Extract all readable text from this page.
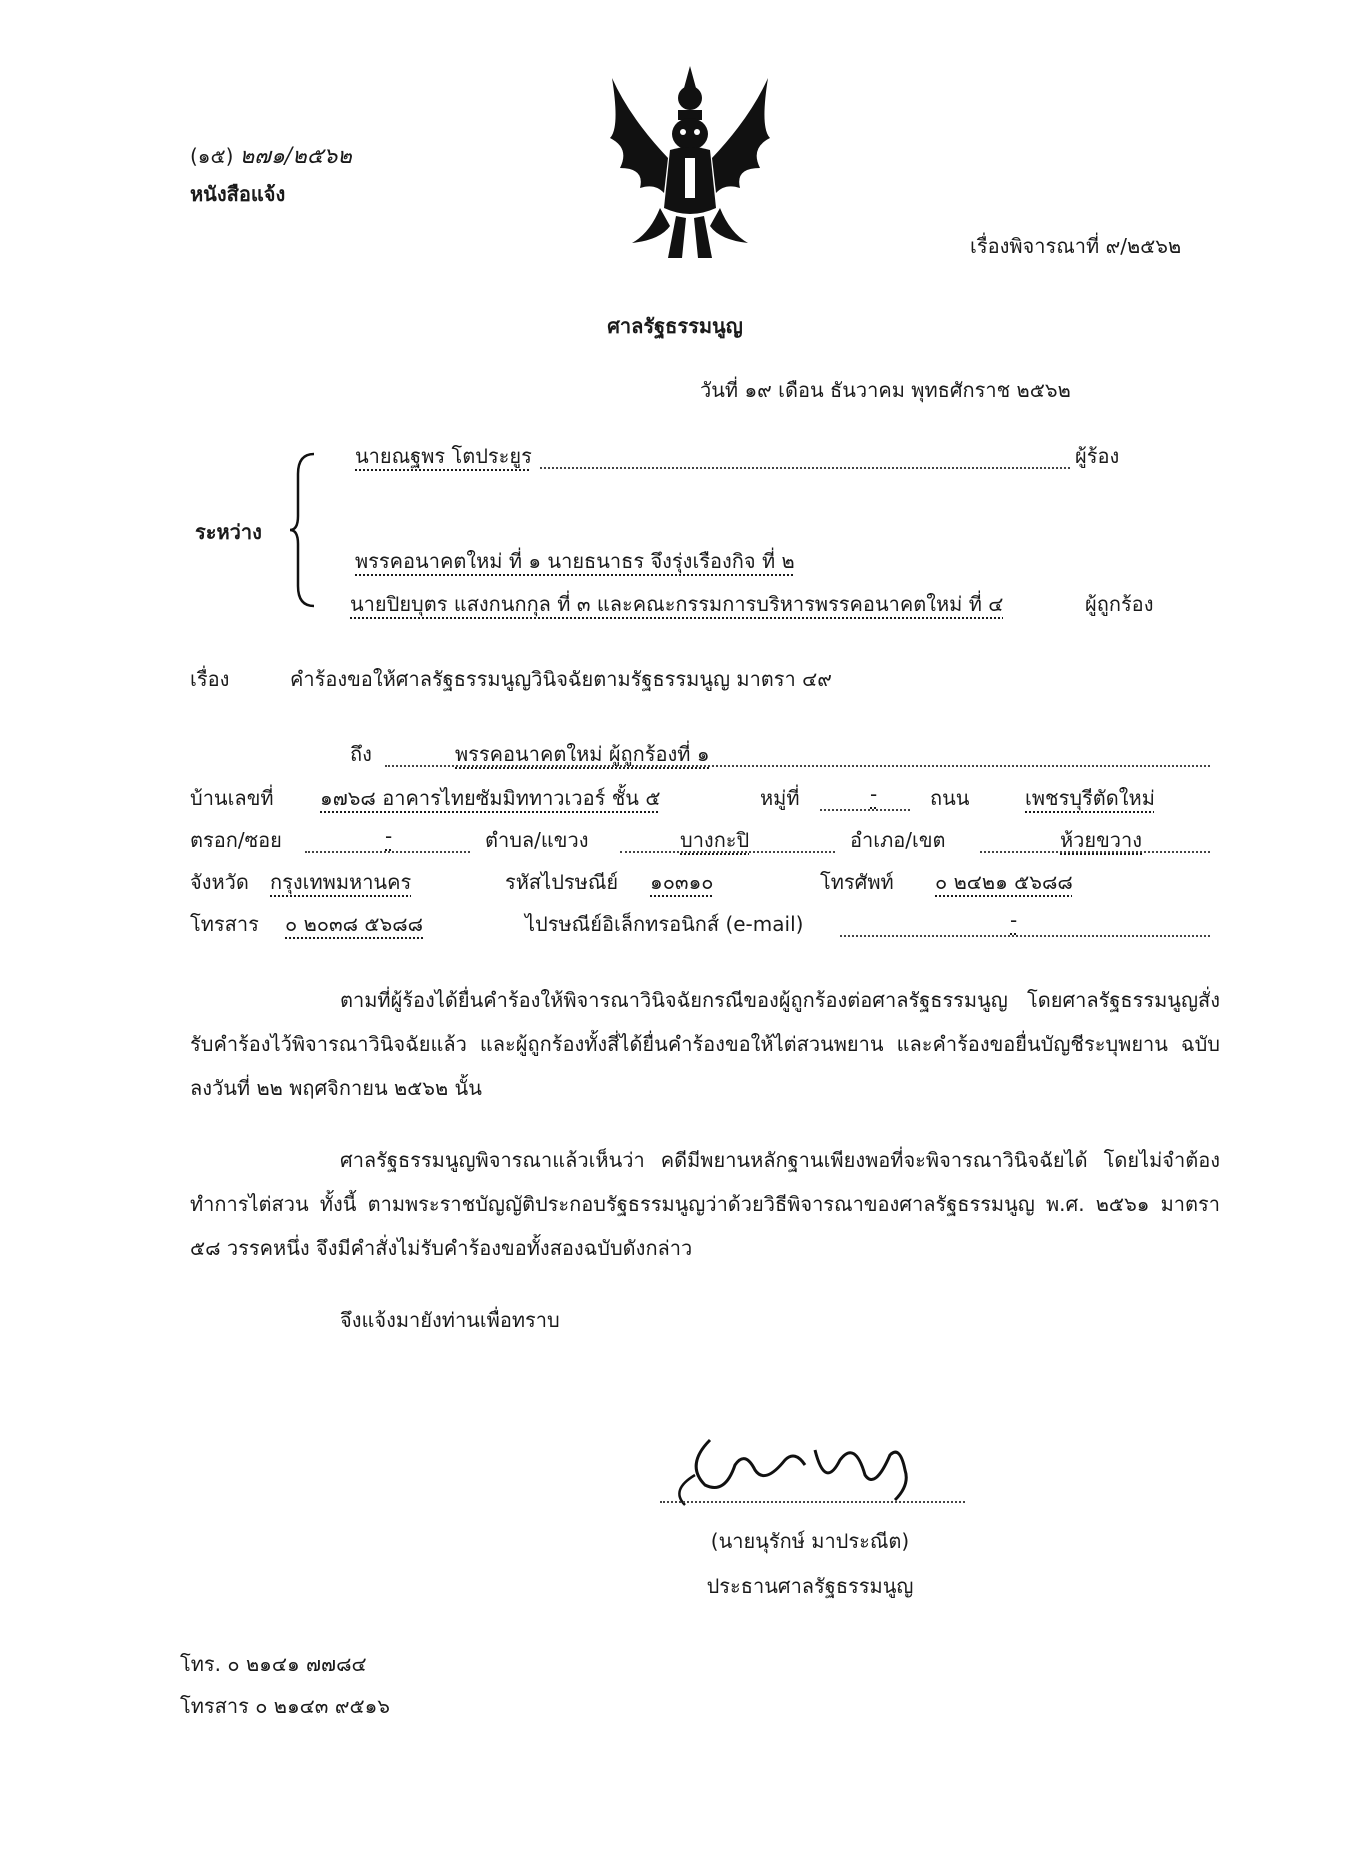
(๑๕) ๒๗๑/๒๕๖๒
หนังสือแจ้ง
เรื่องพิจารณาที่ ๙/๒๕๖๒
ศาลรัฐธรรมนูญ
วันที่ ๑๙ เดือน ธันวาคม พุทธศักราช ๒๕๖๒
ระหว่าง
นายณฐพร โตประยูร	ผู้ร้อง
พรรคอนาคตใหม่ ที่ ๑ นายธนาธร จึงรุ่งเรืองกิจ ที่ ๒
นายปิยบุตร แสงกนกกุล ที่ ๓ และคณะกรรมการบริหารพรรคอนาคตใหม่ ที่ ๔	ผู้ถูกร้อง
เรื่อง	คำร้องขอให้ศาลรัฐธรรมนูญวินิจฉัยตามรัฐธรรมนูญ มาตรา ๔๙
ถึง	พรรคอนาคตใหม่ ผู้ถูกร้องที่ ๑
บ้านเลขที่ ๑๗๖๘ อาคารไทยซัมมิททาวเวอร์ ชั้น ๕	หมู่ที่	-	ถนน	เพชรบุรีตัดใหม่
ตรอก/ซอย	-	ตำบล/แขวง	บางกะปิ	อำเภอ/เขต	ห้วยขวาง
จังหวัด กรุงเทพมหานคร	รหัสไปรษณีย์ ๑๐๓๑๐	โทรศัพท์ ๐ ๒๔๒๑ ๕๖๘๘
โทรสาร ๐ ๒๐๓๘ ๕๖๘๘	ไปรษณีย์อิเล็กทรอนิกส์ (e-mail)	-
ตามที่ผู้ร้องได้ยื่นคำร้องให้พิจารณาวินิจฉัยกรณีของผู้ถูกร้องต่อศาลรัฐธรรมนูญ โดยศาลรัฐธรรมนูญสั่งรับคำร้องไว้พิจารณาวินิจฉัยแล้ว และผู้ถูกร้องทั้งสี่ได้ยื่นคำร้องขอให้ไต่สวนพยาน และคำร้องขอยื่นบัญชีระบุพยาน ฉบับลงวันที่ ๒๒ พฤศจิกายน ๒๕๖๒ นั้น
ศาลรัฐธรรมนูญพิจารณาแล้วเห็นว่า คดีมีพยานหลักฐานเพียงพอที่จะพิจารณาวินิจฉัยได้ โดยไม่จำต้องทำการไต่สวน ทั้งนี้ ตามพระราชบัญญัติประกอบรัฐธรรมนูญว่าด้วยวิธีพิจารณาของศาลรัฐธรรมนูญ พ.ศ. ๒๕๖๑ มาตรา ๕๘ วรรคหนึ่ง จึงมีคำสั่งไม่รับคำร้องขอทั้งสองฉบับดังกล่าว
จึงแจ้งมายังท่านเพื่อทราบ
(นายนุรักษ์ มาประณีต)
ประธานศาลรัฐธรรมนูญ
โทร. ๐ ๒๑๔๑ ๗๗๘๔
โทรสาร ๐ ๒๑๔๓ ๙๕๑๖
